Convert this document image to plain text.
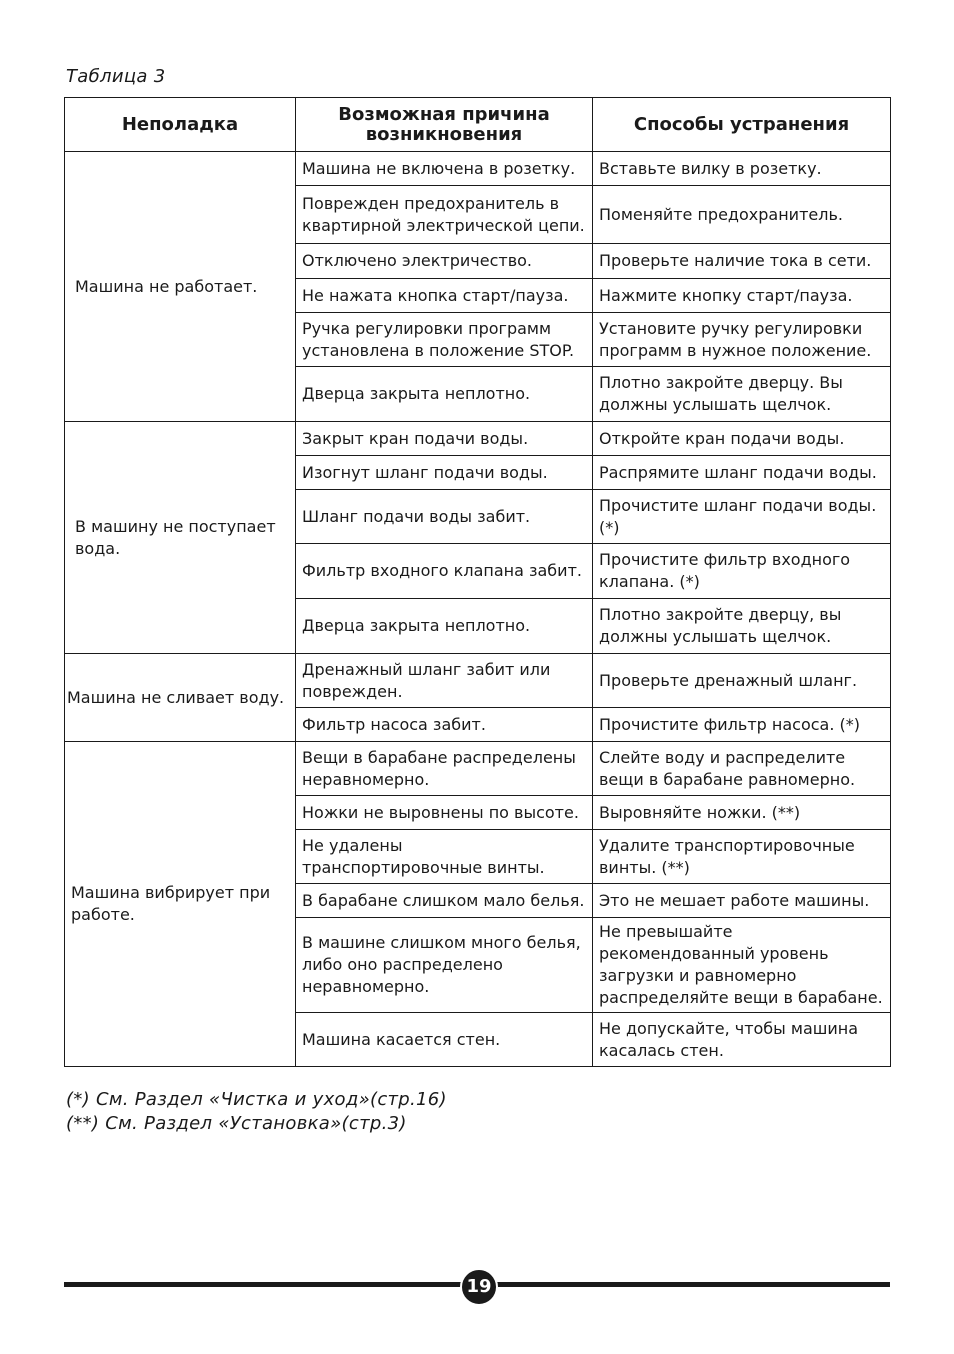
Таблица 3
Неполадка	Возможная причина возникновения	Способы устранения
Машина не работает.	Машина не включена в розетку.	Вставьте вилку в розетку.
	Поврежден предохранитель в квартирной электрической цепи.	Поменяйте предохранитель.
	Отключено электричество.	Проверьте наличие тока в сети.
	Не нажата кнопка старт/пауза.	Нажмите кнопку старт/пауза.
	Ручка регулировки программ установлена в положение STOP.	Установите ручку регулировки программ в нужное положение.
	Дверца закрыта неплотно.	Плотно закройте дверцу. Вы должны услышать щелчок.
В машину не поступает вода.	Закрыт кран подачи воды.	Откройте кран подачи воды.
	Изогнут шланг подачи воды.	Распрямите шланг подачи воды.
	Шланг подачи воды забит.	Прочистите шланг подачи воды. (*)
	Фильтр входного клапана забит.	Прочистите фильтр входного клапана. (*)
	Дверца закрыта неплотно.	Плотно закройте дверцу, вы должны услышать щелчок.
Машина не сливает воду.	Дренажный шланг забит или поврежден.	Проверьте дренажный шланг.
	Фильтр насоса забит.	Прочистите фильтр насоса. (*)
Машина вибрирует при работе.	Вещи в барабане распределены неравномерно.	Слейте воду и распределите вещи в барабане равномерно.
	Ножки не выровнены по высоте.	Выровняйте ножки. (**)
	Не удалены транспортировочные винты.	Удалите транспортировочные винты. (**)
	В барабане слишком мало белья.	Это не мешает работе машины.
	В машине слишком много белья, либо оно распределено неравномерно.	Не превышайте рекомендованный уровень загрузки и равномерно распределяйте вещи в барабане.
	Машина касается стен.	Не допускайте, чтобы машина касалась стен.
(*) См. Раздел «Чистка и уход»(стр.16)
(**) См. Раздел «Установка»(стр.3)
19
